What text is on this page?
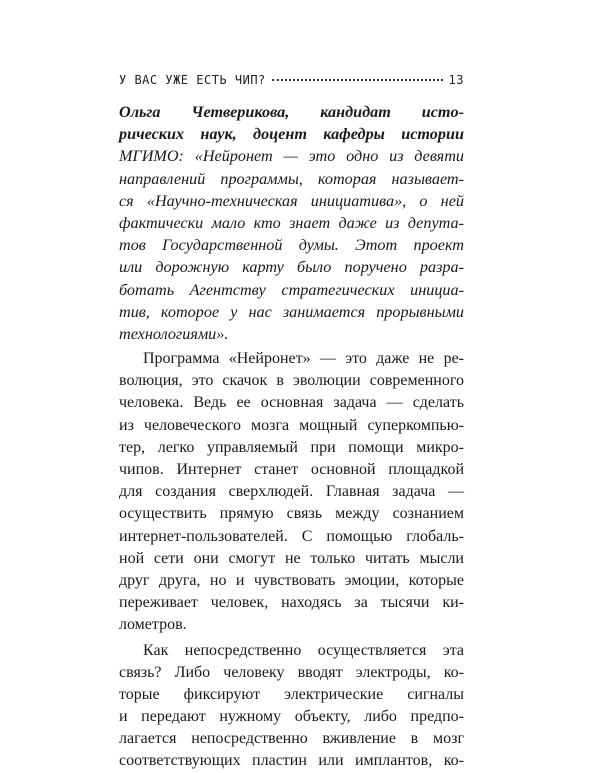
У ВАС УЖЕ ЕСТЬ ЧИП?	13
Ольга Четверикова, кандидат истo-
рических наук, доцент кафедры истории
МГИМО: «Нейронет — это одно из девяти
направлений программы, которая называет-
ся «Научно-техническая инициатива», о ней
фактически мало кто знает даже из депута-
тов Государственной думы. Этот проект
или дорожную карту было поручено разра-
ботать Агентству стратегических инициа-
тив, которое у нас занимается прорывными
технологиями».
Программа «Нейронет» — это даже не ре-
волюция, это скачок в эволюции современного
человека. Ведь ее основная задача — сделать
из человеческого мозга мощный суперкомпью-
тер, легко управляемый при помощи микро-
чипов. Интернет станет основной площадкой
для создания сверхлюдей. Главная задача —
осуществить прямую связь между сознанием
интернет-пользователей. С помощью глобаль-
ной сети они смогут не только читать мысли
друг друга, но и чувствовать эмоции, которые
переживает человек, находясь за тысячи ки-
лометров.
Как непосредственно осуществляется эта
связь? Либо человеку вводят электроды, ко-
торые фиксируют электрические сигналы
и передают нужному объекту, либо предпо-
лагается непосредственно вживление в мозг
соответствующих пластин или имплантов, ко-
